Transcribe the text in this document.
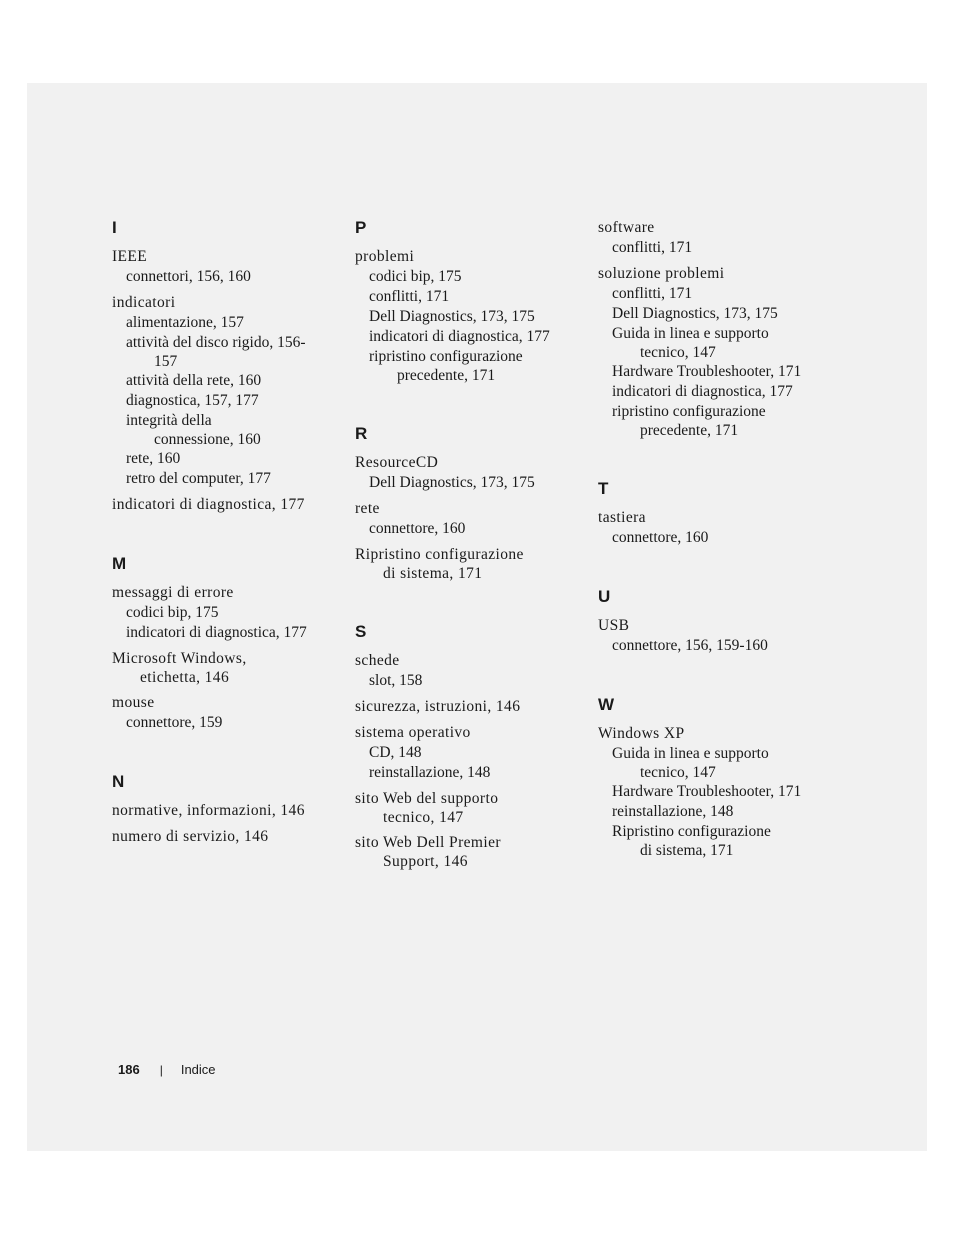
I
IEEE
connettori, 156, 160
indicatori
alimentazione, 157
attività del disco rigido, 156-
157
attività della rete, 160
diagnostica, 157, 177
integrità della
connessione, 160
rete, 160
retro del computer, 177
indicatori di diagnostica, 177
M
messaggi di errore
codici bip, 175
indicatori di diagnostica, 177
Microsoft Windows,
etichetta, 146
mouse
connettore, 159
N
normative, informazioni, 146
numero di servizio, 146
P
problemi
codici bip, 175
conflitti, 171
Dell Diagnostics, 173, 175
indicatori di diagnostica, 177
ripristino configurazione
precedente, 171
R
ResourceCD
Dell Diagnostics, 173, 175
rete
connettore, 160
Ripristino configurazione
di sistema, 171
S
schede
slot, 158
sicurezza, istruzioni, 146
sistema operativo
CD, 148
reinstallazione, 148
sito Web del supporto
tecnico, 147
sito Web Dell Premier
Support, 146
software
conflitti, 171
soluzione problemi
conflitti, 171
Dell Diagnostics, 173, 175
Guida in linea e supporto
tecnico, 147
Hardware Troubleshooter, 171
indicatori di diagnostica, 177
ripristino configurazione
precedente, 171
T
tastiera
connettore, 160
U
USB
connettore, 156, 159-160
W
Windows XP
Guida in linea e supporto
tecnico, 147
Hardware Troubleshooter, 171
reinstallazione, 148
Ripristino configurazione
di sistema, 171
186 | Indice
